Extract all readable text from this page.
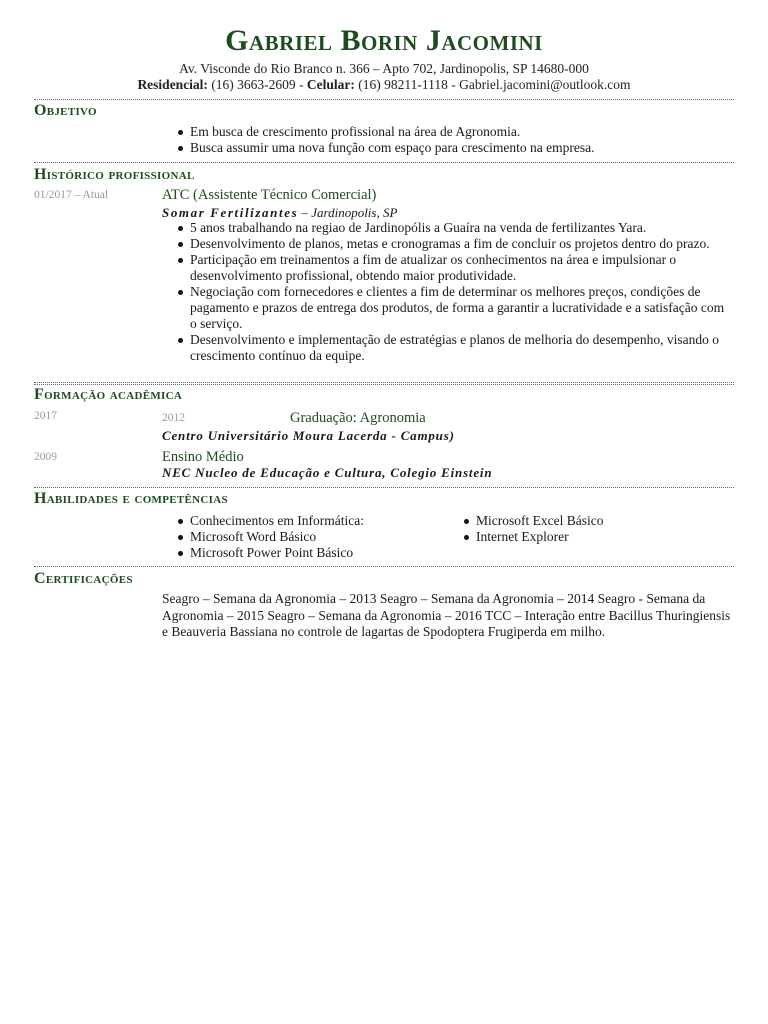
Gabriel Borin Jacomini
Av. Visconde do Rio Branco n. 366 – Apto 702, Jardinopolis, SP 14680-000
Residencial: (16) 3663-2609 - Celular: (16) 98211-1118 - Gabriel.jacomini@outlook.com
Objetivo
Em busca de crescimento profissional na área de Agronomia.
Busca assumir uma nova função com espaço para crescimento na empresa.
Histórico profissional
01/2017 – Atual	ATC (Assistente Técnico Comercial)
Somar Fertilizantes – Jardinopolis, SP
5 anos trabalhando na regiao de Jardinopólis a Guaíra na venda de fertilizantes Yara.
Desenvolvimento de planos, metas e cronogramas a fim de concluir os projetos dentro do prazo.
Participação em treinamentos a fim de atualizar os conhecimentos na área e impulsionar o desenvolvimento profissional, obtendo maior produtividade.
Negociação com fornecedores e clientes a fim de determinar os melhores preços, condições de pagamento e prazos de entrega dos produtos, de forma a garantir a lucratividade e a satisfação com o serviço.
Desenvolvimento e implementação de estratégias e planos de melhoria do desempenho, visando o crescimento contínuo da equipe.
Formação acadêmica
2017	2012	Graduação: Agronomia
Centro Universitário Moura Lacerda - Campus)
2009	Ensino Médio
NEC Nucleo de Educação e Cultura, Colegio Einstein
Habilidades e competências
Conhecimentos em Informática:
Microsoft Word Básico
Microsoft Power Point Básico
Microsoft Excel Básico
Internet Explorer
Certificações

Seagro – Semana da Agronomia – 2013 Seagro – Semana da Agronomia – 2014 Seagro - Semana da Agronomia – 2015 Seagro – Semana da Agronomia – 2016 TCC – Interação entre Bacillus Thuringiensis e Beauveria Bassiana no controle de lagartas de Spodoptera Frugiperda em milho.
